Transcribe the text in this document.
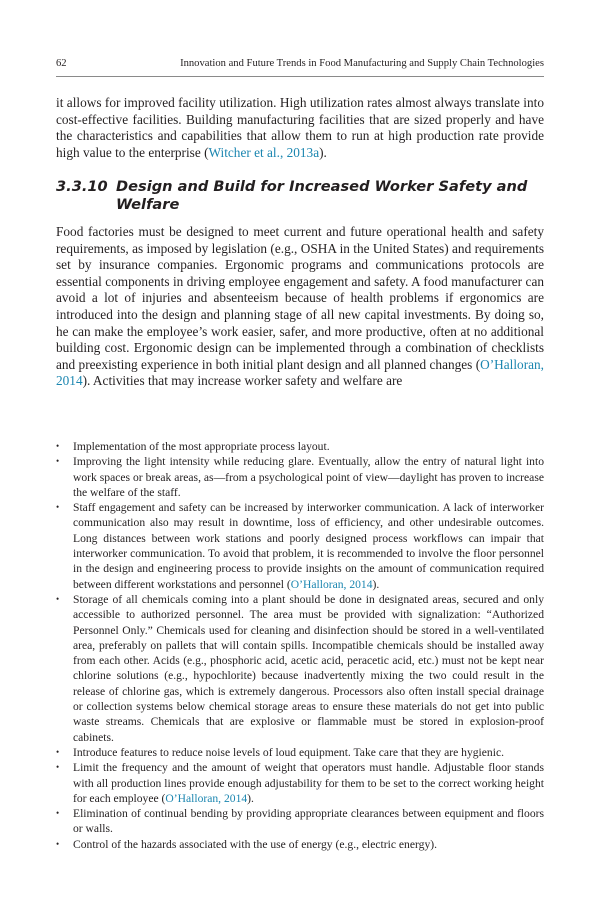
62	Innovation and Future Trends in Food Manufacturing and Supply Chain Technologies

it allows for improved facility utilization. High utilization rates almost always translate into cost-effective facilities. Building manufacturing facilities that are sized properly and have the characteristics and capabilities that allow them to run at high production rate provide high value to the enterprise (Witcher et al., 2013a).

3.3.10 Design and Build for Increased Worker Safety and Welfare

Food factories must be designed to meet current and future operational health and safety requirements, as imposed by legislation (e.g., OSHA in the United States) and requirements set by insurance companies. Ergonomic programs and communications protocols are essential components in driving employee engagement and safety. A food manufacturer can avoid a lot of injuries and absenteeism because of health problems if ergonomics are introduced into the design and planning stage of all new capital investments. By doing so, he can make the employee’s work easier, safer, and more productive, often at no additional building cost. Ergonomic design can be implemented through a combination of checklists and preexisting experience in both initial plant design and all planned changes (O’Halloran, 2014). Activities that may increase worker safety and welfare are

• Implementation of the most appropriate process layout.
• Improving the light intensity while reducing glare. Eventually, allow the entry of natural light into work spaces or break areas, as—from a psychological point of view—daylight has proven to increase the welfare of the staff.
• Staff engagement and safety can be increased by interworker communication. A lack of interworker communication also may result in downtime, loss of efficiency, and other undesirable outcomes. Long distances between work stations and poorly designed process workflows can impair that interworker communication. To avoid that problem, it is recommended to involve the floor personnel in the design and engineering process to provide insights on the amount of communication required between different workstations and personnel (O’Halloran, 2014).
• Storage of all chemicals coming into a plant should be done in designated areas, secured and only accessible to authorized personnel. The area must be provided with signalization: “Authorized Personnel Only.” Chemicals used for cleaning and disinfection should be stored in a well-ventilated area, preferably on pallets that will contain spills. Incompatible chemicals should be installed away from each other. Acids (e.g., phosphoric acid, acetic acid, peracetic acid, etc.) must not be kept near chlorine solutions (e.g., hypochlorite) because inadvertently mixing the two could result in the release of chlorine gas, which is extremely dangerous. Processors also often install special drainage or collection systems below chemical storage areas to ensure these materials do not get into public waste streams. Chemicals that are explosive or flammable must be stored in explosion-proof cabinets.
• Introduce features to reduce noise levels of loud equipment. Take care that they are hygienic.
• Limit the frequency and the amount of weight that operators must handle. Adjustable floor stands with all production lines provide enough adjustability for them to be set to the correct working height for each employee (O’Halloran, 2014).
• Elimination of continual bending by providing appropriate clearances between equipment and floors or walls.
• Control of the hazards associated with the use of energy (e.g., electric energy).
